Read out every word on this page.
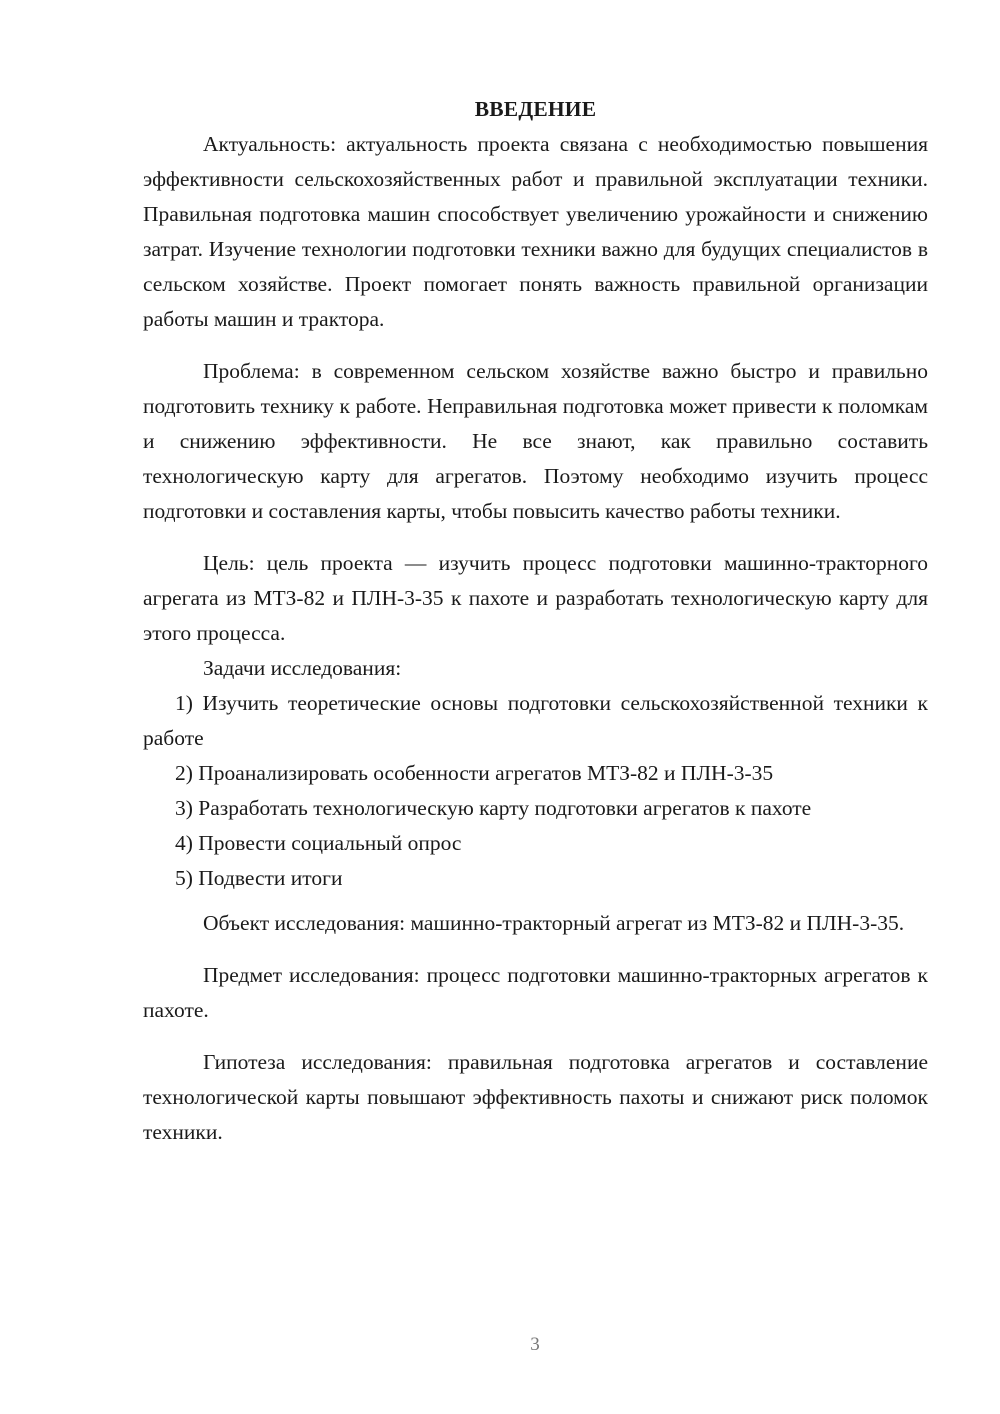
ВВЕДЕНИЕ

Актуальность: актуальность проекта связана с необходимостью повышения эффективности сельскохозяйственных работ и правильной эксплуатации техники. Правильная подготовка машин способствует увеличению урожайности и снижению затрат. Изучение технологии подготовки техники важно для будущих специалистов в сельском хозяйстве. Проект помогает понять важность правильной организации работы машин и трактора.

Проблема: в современном сельском хозяйстве важно быстро и правильно подготовить технику к работе. Неправильная подготовка может привести к поломкам и снижению эффективности. Не все знают, как правильно составить технологическую карту для агрегатов. Поэтому необходимо изучить процесс подготовки и составления карты, чтобы повысить качество работы техники.

Цель: цель проекта — изучить процесс подготовки машинно-тракторного агрегата из МТЗ-82 и ПЛН-3-35 к пахоте и разработать технологическую карту для этого процесса.

Задачи исследования:

1) Изучить теоретические основы подготовки сельскохозяйственной техники к работе

2) Проанализировать особенности агрегатов МТЗ-82 и ПЛН-3-35

3) Разработать технологическую карту подготовки агрегатов к пахоте

4) Провести социальный опрос

5) Подвести итоги

Объект исследования: машинно-тракторный агрегат из МТЗ-82 и ПЛН-3-35.

Предмет исследования: процесс подготовки машинно-тракторных агрегатов к пахоте.

Гипотеза исследования: правильная подготовка агрегатов и составление технологической карты повышают эффективность пахоты и снижают риск поломок техники.

3
